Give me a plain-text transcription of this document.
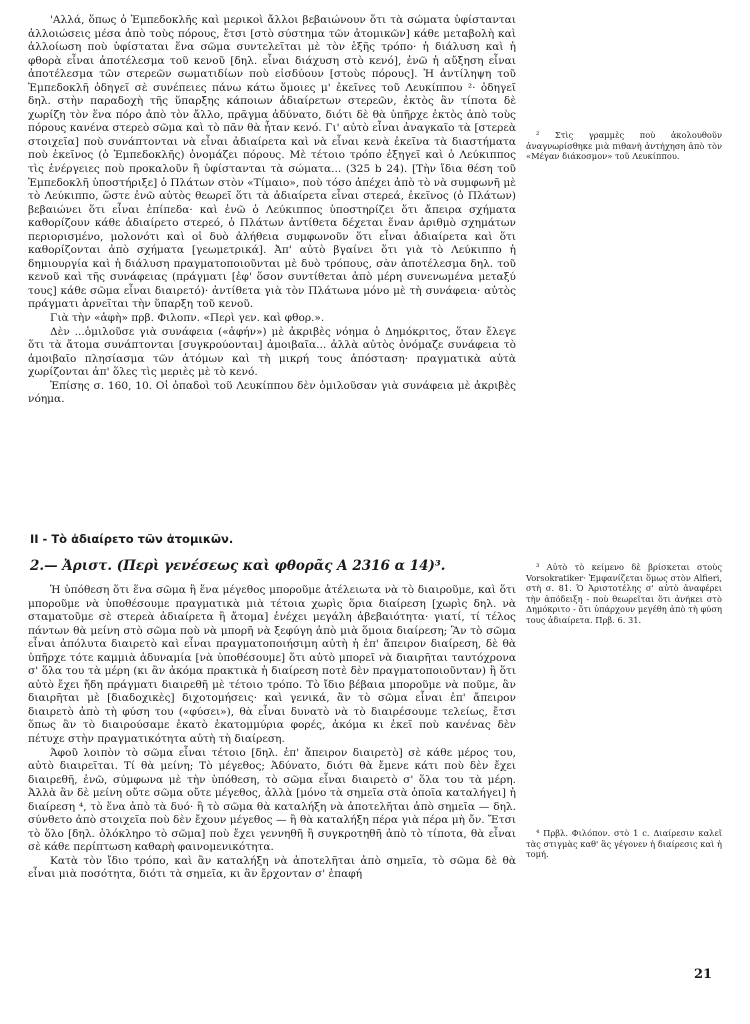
'Αλλά, ὅπως ὁ Ἐμπεδοκλῆς καὶ μερικοὶ ἄλλοι βεβαιώνουν ὅτι τὰ σώματα ὑφίστανται ἀλλοιώσεις μέσα ἀπὸ τοὺς πόρους, ἔτσι [στὸ σύστημα τῶν ἀτομικῶν] κάθε μεταβολὴ καὶ ἀλλοίωση ποὺ ὑφίσταται ἕνα σῶμα συντελεῖται μὲ τὸν ἑξῆς τρόπο· ἡ διάλυση καὶ ἡ φθορὰ εἶναι ἀποτέλεσμα τοῦ κενοῦ [δηλ. εἶναι διάχυση στὸ κενό], ἐνῶ ἡ αὔξηση εἶναι ἀποτέλεσμα τῶν στερεῶν σωματιδίων ποὺ εἰσδύουν [στοὺς πόρους]. Ἡ ἀντίληψη τοῦ Ἐμπεδοκλῆ ὁδηγεῖ σὲ συνέπειες πάνω κάτω ὅμοιες μ' ἐκεῖνες τοῦ Λευκίππου ²· ὁδηγεῖ δηλ. στὴν παραδοχὴ τῆς ὕπαρξης κάποιων ἀδιαίρετων στερεῶν, ἐκτὸς ἂν τίποτα δὲ χωρίζη τὸν ἕνα πόρο ἀπὸ τὸν ἄλλο, πρᾶγμα ἀδύνατο, διότι δὲ θὰ ὑπῆρχε ἐκτὸς ἀπὸ τοὺς πόρους κανένα στερεὸ σῶμα καὶ τὸ πᾶν θὰ ἦταν κενό. Γι' αὐτὸ εἶναι ἀναγκαῖο τὰ [στερεὰ στοιχεῖα] ποὺ συνάπτονται νὰ εἶναι ἀδιαίρετα καὶ νὰ εἶναι κενὰ ἐκεῖνα τὰ διαστήματα ποὺ ἐκεῖνος (ὁ Ἐμπεδοκλῆς) ὀνομάζει πόρους. Μὲ τέτοιο τρόπο ἐξηγεῖ καὶ ὁ Λεύκιππος τὶς ἐνέργειες ποὺ προκαλοῦν ἢ ὑφίστανται τὰ σώματα... (325 b 24). [Τὴν ἴδια θέση τοῦ Ἐμπεδοκλῆ ὑποστήριξε] ὁ Πλάτων στὸν «Τίμαιο», ποὺ τόσο ἀπέχει ἀπὸ τὸ νὰ συμφωνῆ μὲ τὸ Λεύκιππο, ὥστε ἐνῶ αὐτὸς θεωρεῖ ὅτι τὰ ἀδιαίρετα εἶναι στερεά, ἐκεῖνος (ὁ Πλάτων) βεβαιώνει ὅτι εἶναι ἐπίπεδα· καὶ ἐνῶ ὁ Λεύκιππος ὑποστηρίζει ὅτι ἄπειρα σχήματα καθορίζουν κάθε ἀδιαίρετο στερεό, ὁ Πλάτων ἀντίθετα δέχεται ἕναν ἀριθμὸ σχημάτων περιορισμένο, μολονότι καὶ οἱ δυὸ ἀλήθεια συμφωνοῦν ὅτι εἶναι ἀδιαίρετα καὶ ὅτι καθορίζονται ἀπὸ σχήματα [γεωμετρικά]. Ἀπ' αὐτὸ βγαίνει ὅτι γιὰ τὸ Λεύκιππο ἡ δημιουργία καὶ ἡ διάλυση πραγματοποιοῦνται μὲ δυὸ τρόπους, σὰν ἀποτέλεσμα δηλ. τοῦ κενοῦ καὶ τῆς συνάφειας (πράγματι [ἐφ' ὅσον συντίθεται ἀπὸ μέρη συνενωμένα μεταξύ τους] κάθε σῶμα εἶναι διαιρετό)· ἀντίθετα γιὰ τὸν Πλάτωνα μόνο μὲ τὴ συνάφεια· αὐτὸς πράγματι ἀρνεῖται τὴν ὕπαρξη τοῦ κενοῦ.

Γιὰ τὴν «ἁφὴ» πρβ. Φιλοπν. «Περὶ γεν. καὶ φθορ.».

Δὲν ...ὁμιλοῦσε γιὰ συνάφεια («ἁφήν») μὲ ἀκριβὲς νόημα ὁ Δημόκριτος, ὅταν ἔλεγε ὅτι τὰ ἄτομα συνάπτονται [συγκρούονται] ἀμοιβαῖα... ἀλλὰ αὐτὸς ὀνόμαζε συνάφεια τὸ ἀμοιβαῖο πλησίασμα τῶν ἀτόμων καὶ τὴ μικρή τους ἀπόσταση· πραγματικὰ αὐτὰ χωρίζονται ἀπ' ὅλες τὶς μεριὲς μὲ τὸ κενό.

Ἐπίσης σ. 160, 10. Οἱ ὀπαδοὶ τοῦ Λευκίππου δὲν ὁμιλοῦσαν γιὰ συνάφεια μὲ ἀκριβὲς νόημα.

² Στὶς γραμμὲς ποὺ ἀκολουθοῦν ἀναγνωρίσθηκε μιὰ πιθανὴ ἀντήχηση ἀπὸ τὸν «Μέγαν διάκοσμον» τοῦ Λευκίππου.

II - Τὸ ἀδιαίρετο τῶν ἀτομικῶν.
2.— Ἀριστ. (Περὶ γενέσεως καὶ φθορᾶς Α 2316 α 14)³.

Ἡ ὑπόθεση ὅτι ἕνα σῶμα ἢ ἕνα μέγεθος μποροῦμε ἀτέλειωτα νὰ τὸ διαιροῦμε, καὶ ὅτι μποροῦμε νὰ ὑποθέσουμε πραγματικὰ μιὰ τέτοια χωρὶς ὅρια διαίρεση [χωρὶς δηλ. νὰ σταματοῦμε σὲ στερεὰ ἀδιαίρετα ἢ ἄτομα] ἐνέχει μεγάλη ἀβεβαιότητα· γιατί, τί τέλος πάντων θὰ μείνη στὸ σῶμα ποὺ νὰ μπορῆ νὰ ξεφύγη ἀπὸ μιὰ ὅμοια διαίρεση; Ἂν τὸ σῶμα εἶναι ἀπόλυτα διαιρετὸ καὶ εἶναι πραγματοποιήσιμη αὐτὴ ἡ ἐπ' ἄπειρον διαίρεση, δὲ θὰ ὑπῆρχε τότε καμμιὰ ἀδυναμία [νὰ ὑποθέσουμε] ὅτι αὐτὸ μπορεῖ νὰ διαιρῆται ταυτόχρονα σ' ὅλα του τὰ μέρη (κι ἂν ἀκόμα πρακτικὰ ἡ διαίρεση ποτὲ δὲν πραγματοποιοῦνταν) ἢ ὅτι αὐτὸ ἔχει ἤδη πράγματι διαιρεθῆ μὲ τέτοιο τρόπο. Τὸ ἴδιο βέβαια μποροῦμε νὰ ποῦμε, ἂν διαιρῆται μὲ [διαδοχικὲς] διχοτομήσεις· καὶ γενικά, ἂν τὸ σῶμα εἶναι ἐπ' ἄπειρον διαιρετὸ ἀπὸ τὴ φύση του («φύσει»), θὰ εἶναι δυνατὸ νὰ τὸ διαιρέσουμε τελείως, ἔτσι ὅπως ἂν τὸ διαιρούσαμε ἑκατὸ ἑκατομμύρια φορές, ἀκόμα κι ἐκεῖ ποὺ κανένας δὲν πέτυχε στὴν πραγματικότητα αὐτὴ τὴ διαίρεση.

Ἀφοῦ λοιπὸν τὸ σῶμα εἶναι τέτοιο [δηλ. ἐπ' ἄπειρον διαιρετὸ] σὲ κάθε μέρος του, αὐτὸ διαιρεῖται. Τί θὰ μείνη; Τὸ μέγεθος; Ἀδύνατο, διότι θὰ ἔμενε κάτι ποὺ δὲν ἔχει διαιρεθῆ, ἐνῶ, σύμφωνα μὲ τὴν ὑπόθεση, τὸ σῶμα εἶναι διαιρετὸ σ' ὅλα του τὰ μέρη. Ἀλλὰ ἂν δὲ μείνη οὔτε σῶμα οὔτε μέγεθος, ἀλλὰ [μόνο τὰ σημεῖα στὰ ὁποῖα καταλήγει] ἡ διαίρεση ⁴, τὸ ἕνα ἀπὸ τὰ δυό· ἢ τὸ σῶμα θὰ καταλήξη νὰ ἀποτελῆται ἀπὸ σημεῖα — δηλ. σύνθετο ἀπὸ στοιχεῖα ποὺ δὲν ἔχουν μέγεθος — ἢ θὰ καταλήξη πέρα γιὰ πέρα μὴ ὄν. Ἔτσι τὸ ὅλο [δηλ. ὁλόκληρο τὸ σῶμα] ποὺ ἔχει γεννηθῆ ἢ συγκροτηθῆ ἀπὸ τὸ τίποτα, θὰ εἶναι σὲ κάθε περίπτωση καθαρὴ φαινομενικότητα.

Κατὰ τὸν ἴδιο τρόπο, καὶ ἂν καταλήξη νὰ ἀποτελῆται ἀπὸ σημεῖα, τὸ σῶμα δὲ θὰ εἶναι μιὰ ποσότητα, διότι τὰ σημεῖα, κι ἂν ἔρχονταν σ' ἐπαφή

³ Αὐτὸ τὸ κείμενο δὲ βρίσκεται στοὺς Vorsokratiker· Ἐμφανίζεται ὅμως στὸν Alfieri, στὴ σ. 81. Ὁ Ἀριστοτέλης σ' αὐτὸ ἀναφέρει τὴν ἀπόδειξη - ποὺ θεωρεῖται ὅτι ἀνήκει στὸ Δημόκριτο - ὅτι ὑπάρχουν μεγέθη ἀπὸ τὴ φύση τους ἀδιαίρετα. Πρβ. 6. 31.

⁴ Πρβλ. Φιλόπον. στὸ 1 c. Διαίρεσιν καλεῖ τὰς στιγμὰς καθ' ἃς γέγονεν ἡ διαίρεσις καὶ ἡ τομή.

21
